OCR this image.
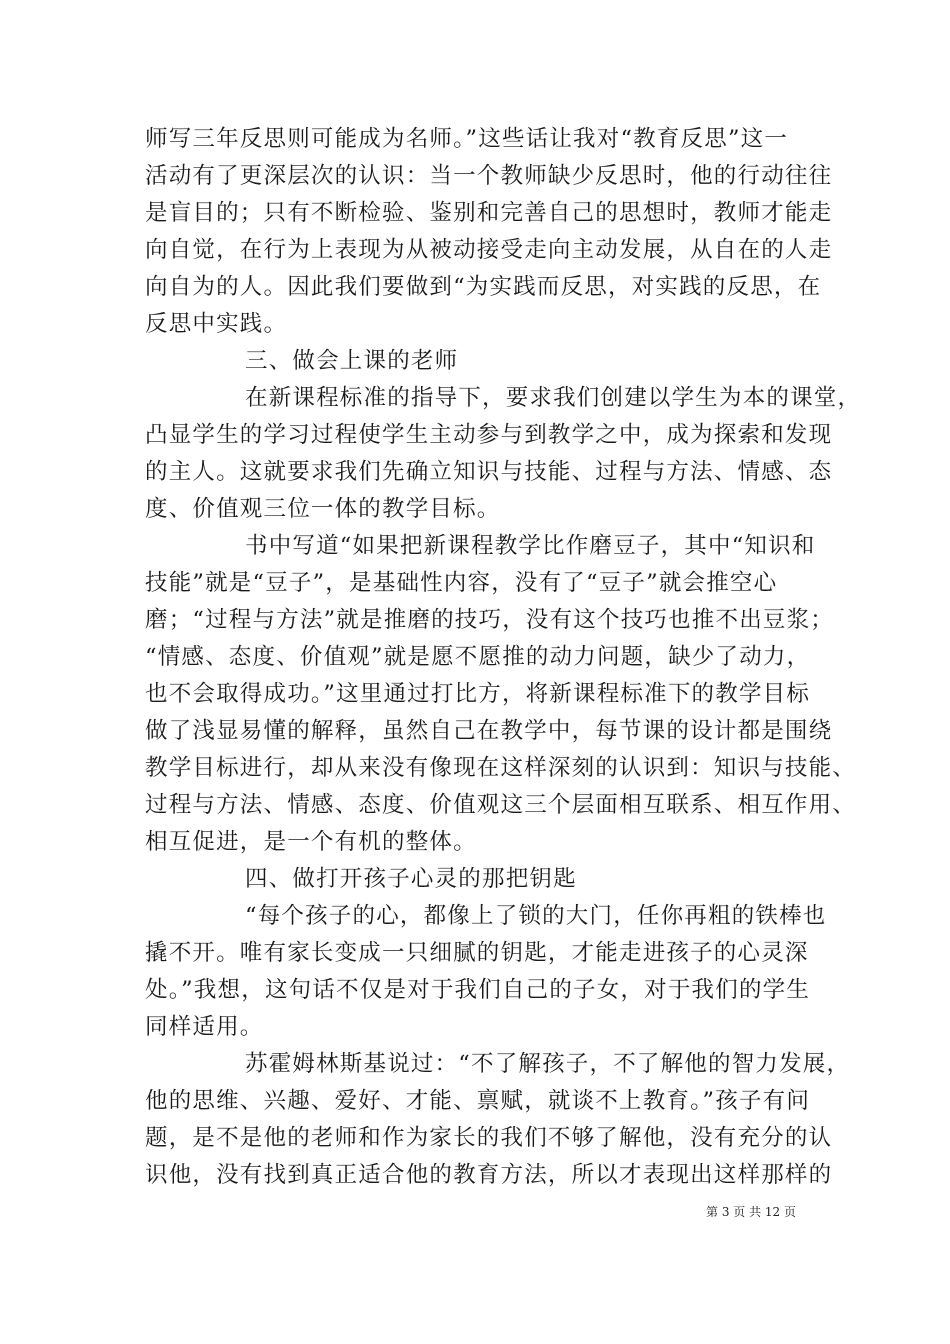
师写三年反思则可能成为名师。”这些话让我对“教育反思”这一
活动有了更深层次的认识：当一个教师缺少反思时，他的行动往往
是盲目的；只有不断检验、鉴别和完善自己的思想时，教师才能走
向自觉，在行为上表现为从被动接受走向主动发展，从自在的人走
向自为的人。因此我们要做到“为实践而反思，对实践的反思，在
反思中实践。
三、做会上课的老师
在新课程标准的指导下，要求我们创建以学生为本的课堂，
凸显学生的学习过程使学生主动参与到教学之中，成为探索和发现
的主人。这就要求我们先确立知识与技能、过程与方法、情感、态
度、价值观三位一体的教学目标。
书中写道“如果把新课程教学比作磨豆子，其中“知识和
技能”就是“豆子”，是基础性内容，没有了“豆子”就会推空心
磨；“过程与方法”就是推磨的技巧，没有这个技巧也推不出豆浆；
“情感、态度、价值观”就是愿不愿推的动力问题，缺少了动力，
也不会取得成功。”这里通过打比方，将新课程标准下的教学目标
做了浅显易懂的解释，虽然自己在教学中，每节课的设计都是围绕
教学目标进行，却从来没有像现在这样深刻的认识到：知识与技能、
过程与方法、情感、态度、价值观这三个层面相互联系、相互作用、
相互促进，是一个有机的整体。
四、做打开孩子心灵的那把钥匙
“每个孩子的心，都像上了锁的大门，任你再粗的铁棒也
撬不开。唯有家长变成一只细腻的钥匙，才能走进孩子的心灵深
处。”我想，这句话不仅是对于我们自己的子女，对于我们的学生
同样适用。
苏霍姆林斯基说过：“不了解孩子，不了解他的智力发展，
他的思维、兴趣、爱好、才能、禀赋，就谈不上教育。”孩子有问
题，是不是他的老师和作为家长的我们不够了解他，没有充分的认
识他，没有找到真正适合他的教育方法，所以才表现出这样那样的
第 3 页 共 12 页
